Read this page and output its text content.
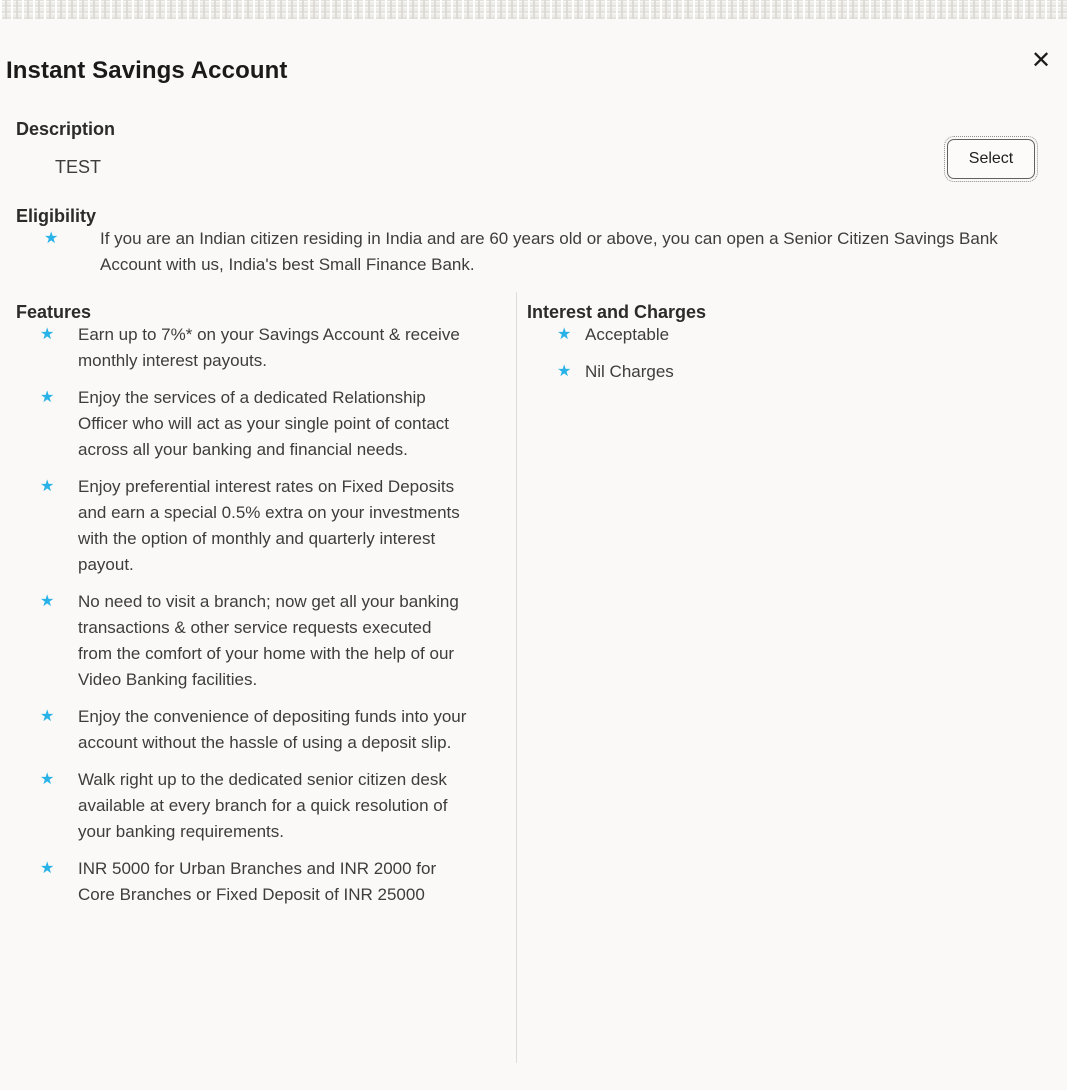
✕
Instant Savings Account
Select
Description
TEST
Eligibility
★	If you are an Indian citizen residing in India and are 60 years old or above, you can open a Senior Citizen Savings Bank Account with us, India's best Small Finance Bank.
Features
★	Earn up to 7%* on your Savings Account & receive monthly interest payouts.
★	Enjoy the services of a dedicated Relationship Officer who will act as your single point of contact across all your banking and financial needs.
★	Enjoy preferential interest rates on Fixed Deposits and earn a special 0.5% extra on your investments with the option of monthly and quarterly interest payout.
★	No need to visit a branch; now get all your banking transactions & other service requests executed from the comfort of your home with the help of our Video Banking facilities.
★	Enjoy the convenience of depositing funds into your account without the hassle of using a deposit slip.
★	Walk right up to the dedicated senior citizen desk available at every branch for a quick resolution of your banking requirements.
★	INR 5000 for Urban Branches and INR 2000 for Core Branches or Fixed Deposit of INR 25000
Interest and Charges
★ Acceptable
★ Nil Charges
